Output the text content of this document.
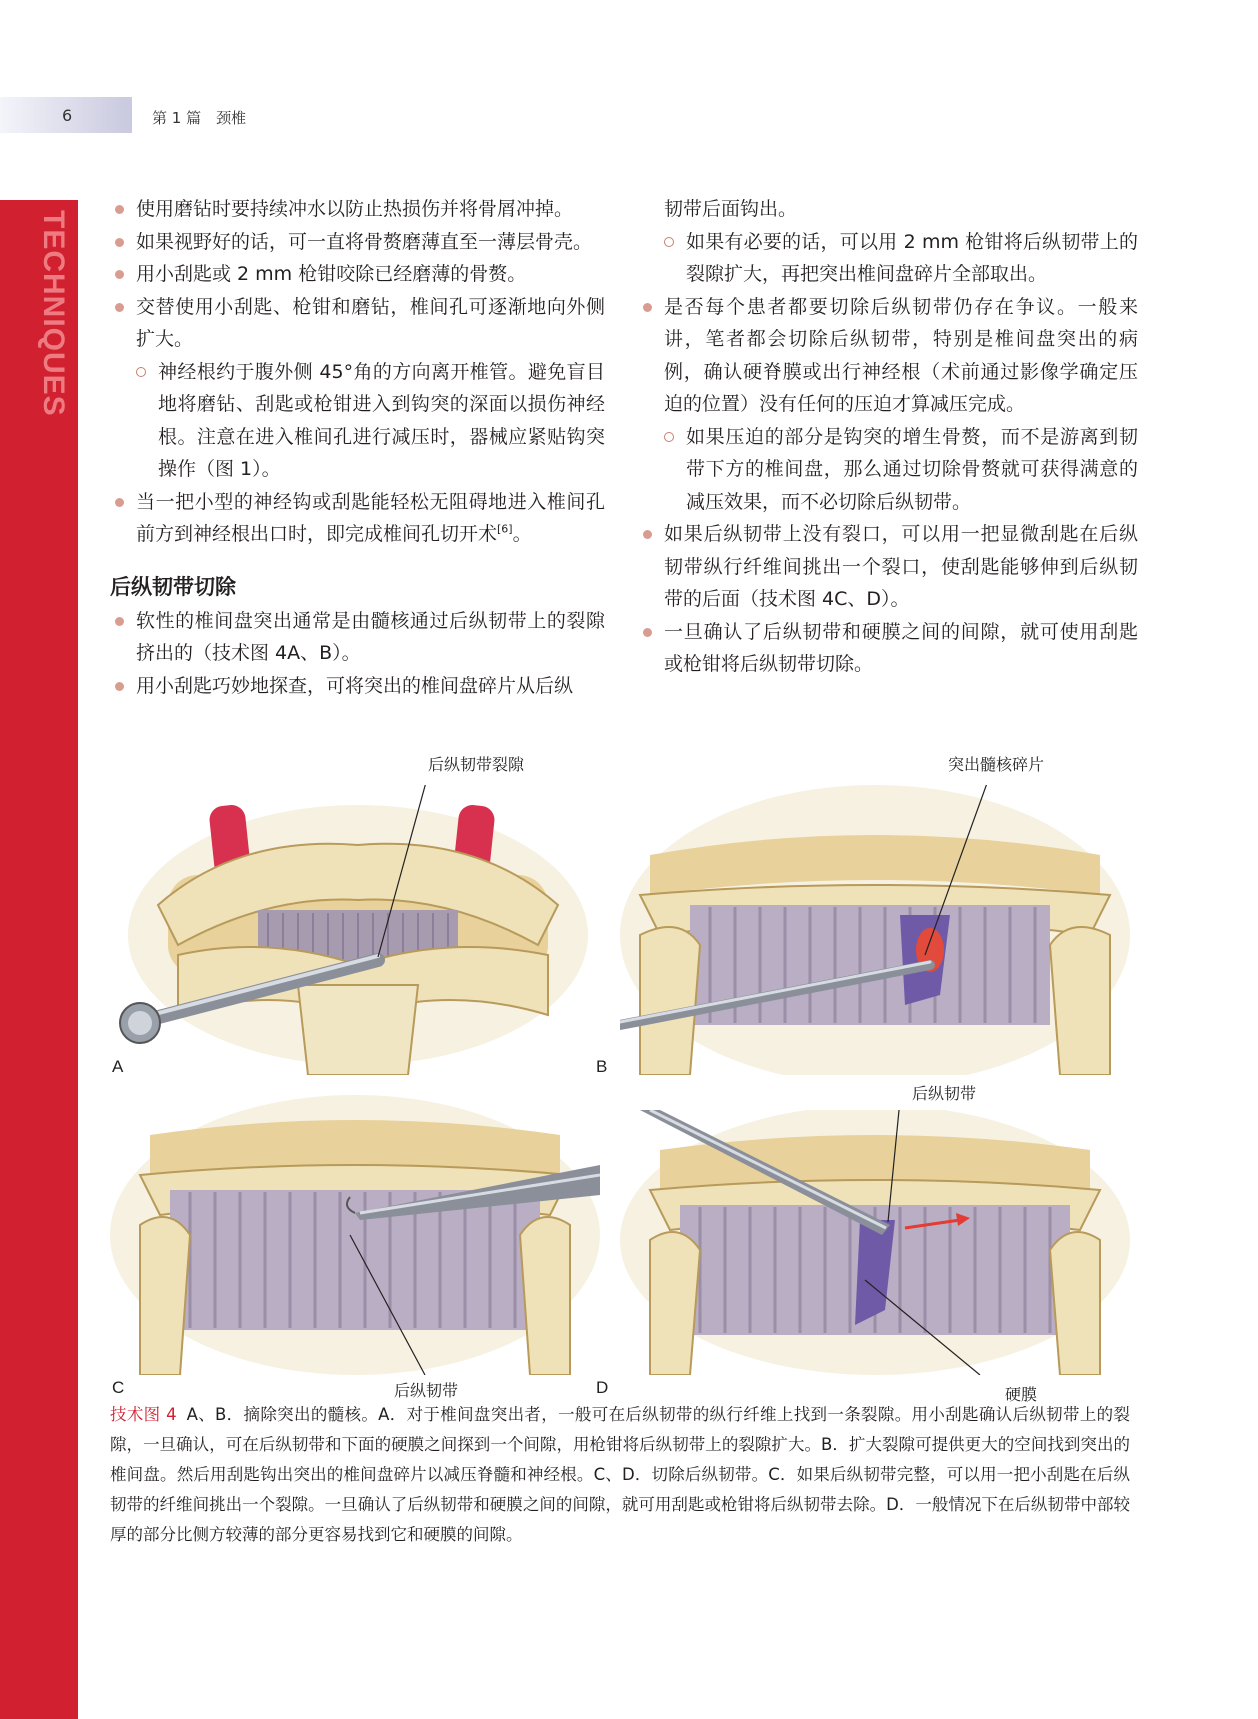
6	第 1 篇　颈椎
TECHNIQUES

使用磨钻时要持续冲水以防止热损伤并将骨屑冲掉。

如果视野好的话，可一直将骨赘磨薄直至一薄层骨壳。

用小刮匙或 2 mm 枪钳咬除已经磨薄的骨赘。

交替使用小刮匙、枪钳和磨钻，椎间孔可逐渐地向外侧扩大。

神经根约于腹外侧 45°角的方向离开椎管。避免盲目地将磨钻、刮匙或枪钳进入到钩突的深面以损伤神经根。注意在进入椎间孔进行减压时，器械应紧贴钩突操作（图 1）。

当一把小型的神经钩或刮匙能轻松无阻碍地进入椎间孔前方到神经根出口时，即完成椎间孔切开术[6]。

后纵韧带切除

软性的椎间盘突出通常是由髓核通过后纵韧带上的裂隙挤出的（技术图 4A、B）。

用小刮匙巧妙地探查，可将突出的椎间盘碎片从后纵

韧带后面钩出。

如果有必要的话，可以用 2 mm 枪钳将后纵韧带上的裂隙扩大，再把突出椎间盘碎片全部取出。

是否每个患者都要切除后纵韧带仍存在争议。一般来讲，笔者都会切除后纵韧带，特别是椎间盘突出的病例，确认硬脊膜或出行神经根（术前通过影像学确定压迫的位置）没有任何的压迫才算减压完成。

如果压迫的部分是钩突的增生骨赘，而不是游离到韧带下方的椎间盘，那么通过切除骨赘就可获得满意的减压效果，而不必切除后纵韧带。

如果后纵韧带上没有裂口，可以用一把显微刮匙在后纵韧带纵行纤维间挑出一个裂口，使刮匙能够伸到后纵韧带的后面（技术图 4C、D）。

一旦确认了后纵韧带和硬膜之间的间隙，就可使用刮匙或枪钳将后纵韧带切除。

后纵韧带裂隙
A
突出髓核碎片
B
后纵韧带
C
后纵韧带
硬膜
D
技术图 4 A、B．摘除突出的髓核。A．对于椎间盘突出者，一般可在后纵韧带的纵行纤维上找到一条裂隙。用小刮匙确认后纵韧带上的裂隙，一旦确认，可在后纵韧带和下面的硬膜之间探到一个间隙，用枪钳将后纵韧带上的裂隙扩大。B．扩大裂隙可提供更大的空间找到突出的椎间盘。然后用刮匙钩出突出的椎间盘碎片以减压脊髓和神经根。C、D．切除后纵韧带。C．如果后纵韧带完整，可以用一把小刮匙在后纵韧带的纤维间挑出一个裂隙。一旦确认了后纵韧带和硬膜之间的间隙，就可用刮匙或枪钳将后纵韧带去除。D．一般情况下在后纵韧带中部较厚的部分比侧方较薄的部分更容易找到它和硬膜的间隙。
